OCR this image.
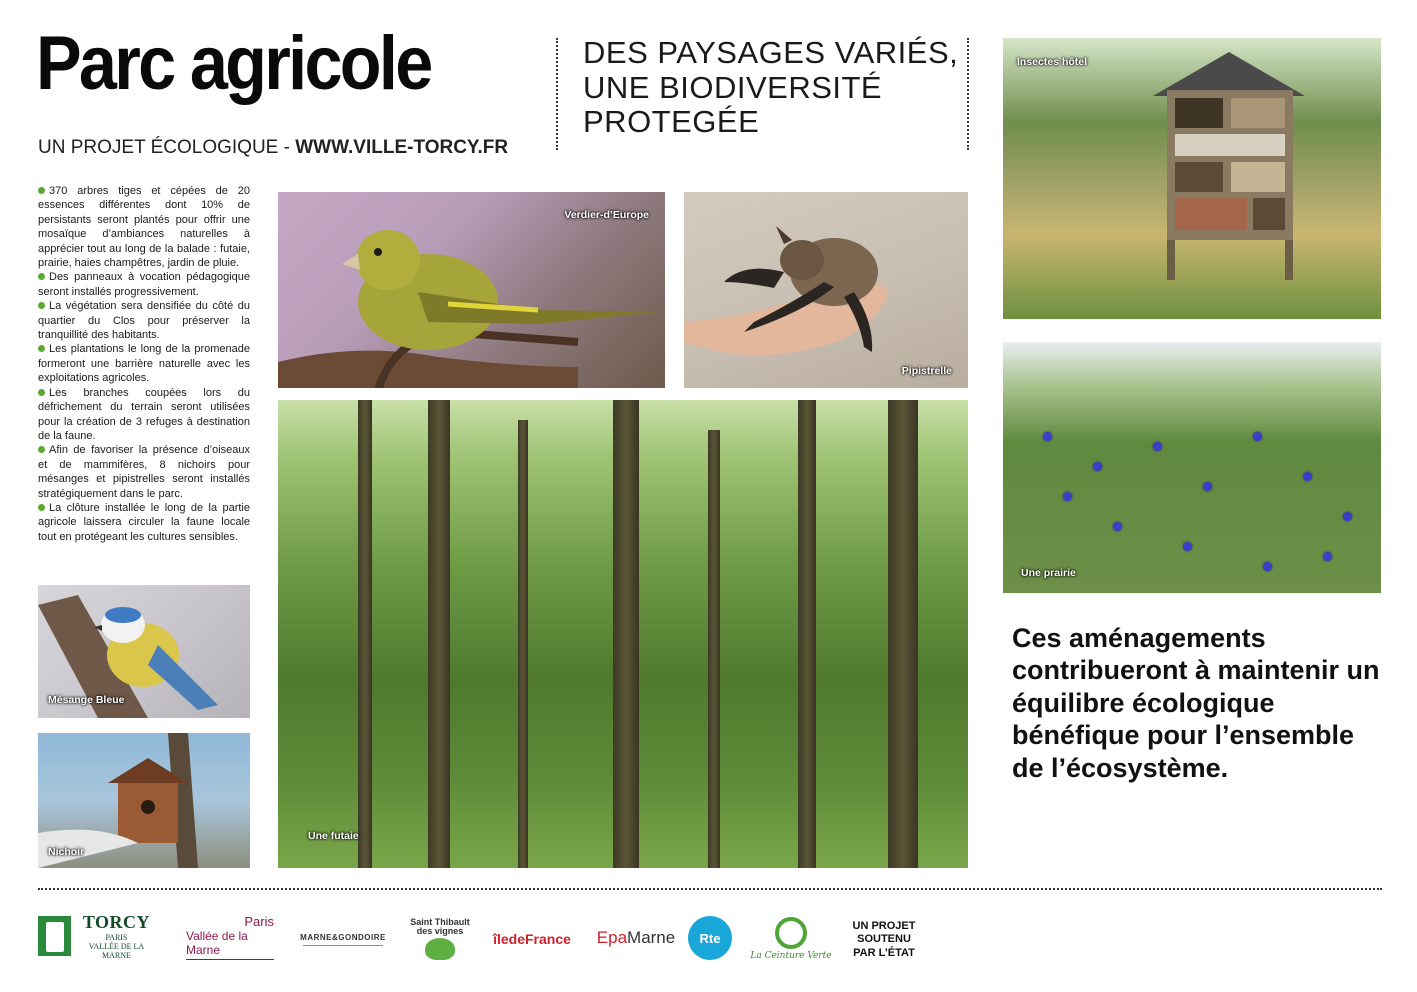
Parc agricole
UN PROJET ÉCOLOGIQUE - WWW.VILLE-TORCY.FR
DES PAYSAGES VARIÉS,
UNE BIODIVERSITÉ
PROTEGÉE

370 arbres tiges et cépées de 20 essences différentes dont 10% de persistants seront plantés pour offrir une mosaïque d’ambiances naturelles à apprécier tout au long de la balade : futaie, prairie, haies champêtres, jardin de pluie.

Des panneaux à vocation pédagogique seront installés progressivement.

La végétation sera densifiée du côté du quartier du Clos pour préserver la tranquillité des habitants.

Les plantations le long de la promenade formeront une barrière naturelle avec les exploitations agricoles.

Les branches coupées lors du défrichement du terrain seront utilisées pour la création de 3 refuges à destination de la faune.

Afin de favoriser la présence d’oiseaux et de mammifères, 8 nichoirs pour mésanges et pipistrelles seront installés stratégiquement dans le parc.

La clôture installée le long de la partie agricole laissera circuler la faune locale tout en protégeant les cultures sensibles.

Verdier-d’Europe
Pipistrelle
Une futaie
Insectes hôtel
Une prairie
Mésange Bleue
Nichoir
Ces aménagements contribueront à maintenir un équilibre écologique bénéfique pour l’ensemble de l’écosystème.
TORCY
PARIS
VALLÉE DE LA MARNE
Paris
Vallée de la Marne
MARNE&GONDOIRE
Saint Thibault des vignes	îledeFrance	Epa Marne	Rte
La Ceinture Verte
UN PROJET
SOUTENU
PAR L’ÉTAT
